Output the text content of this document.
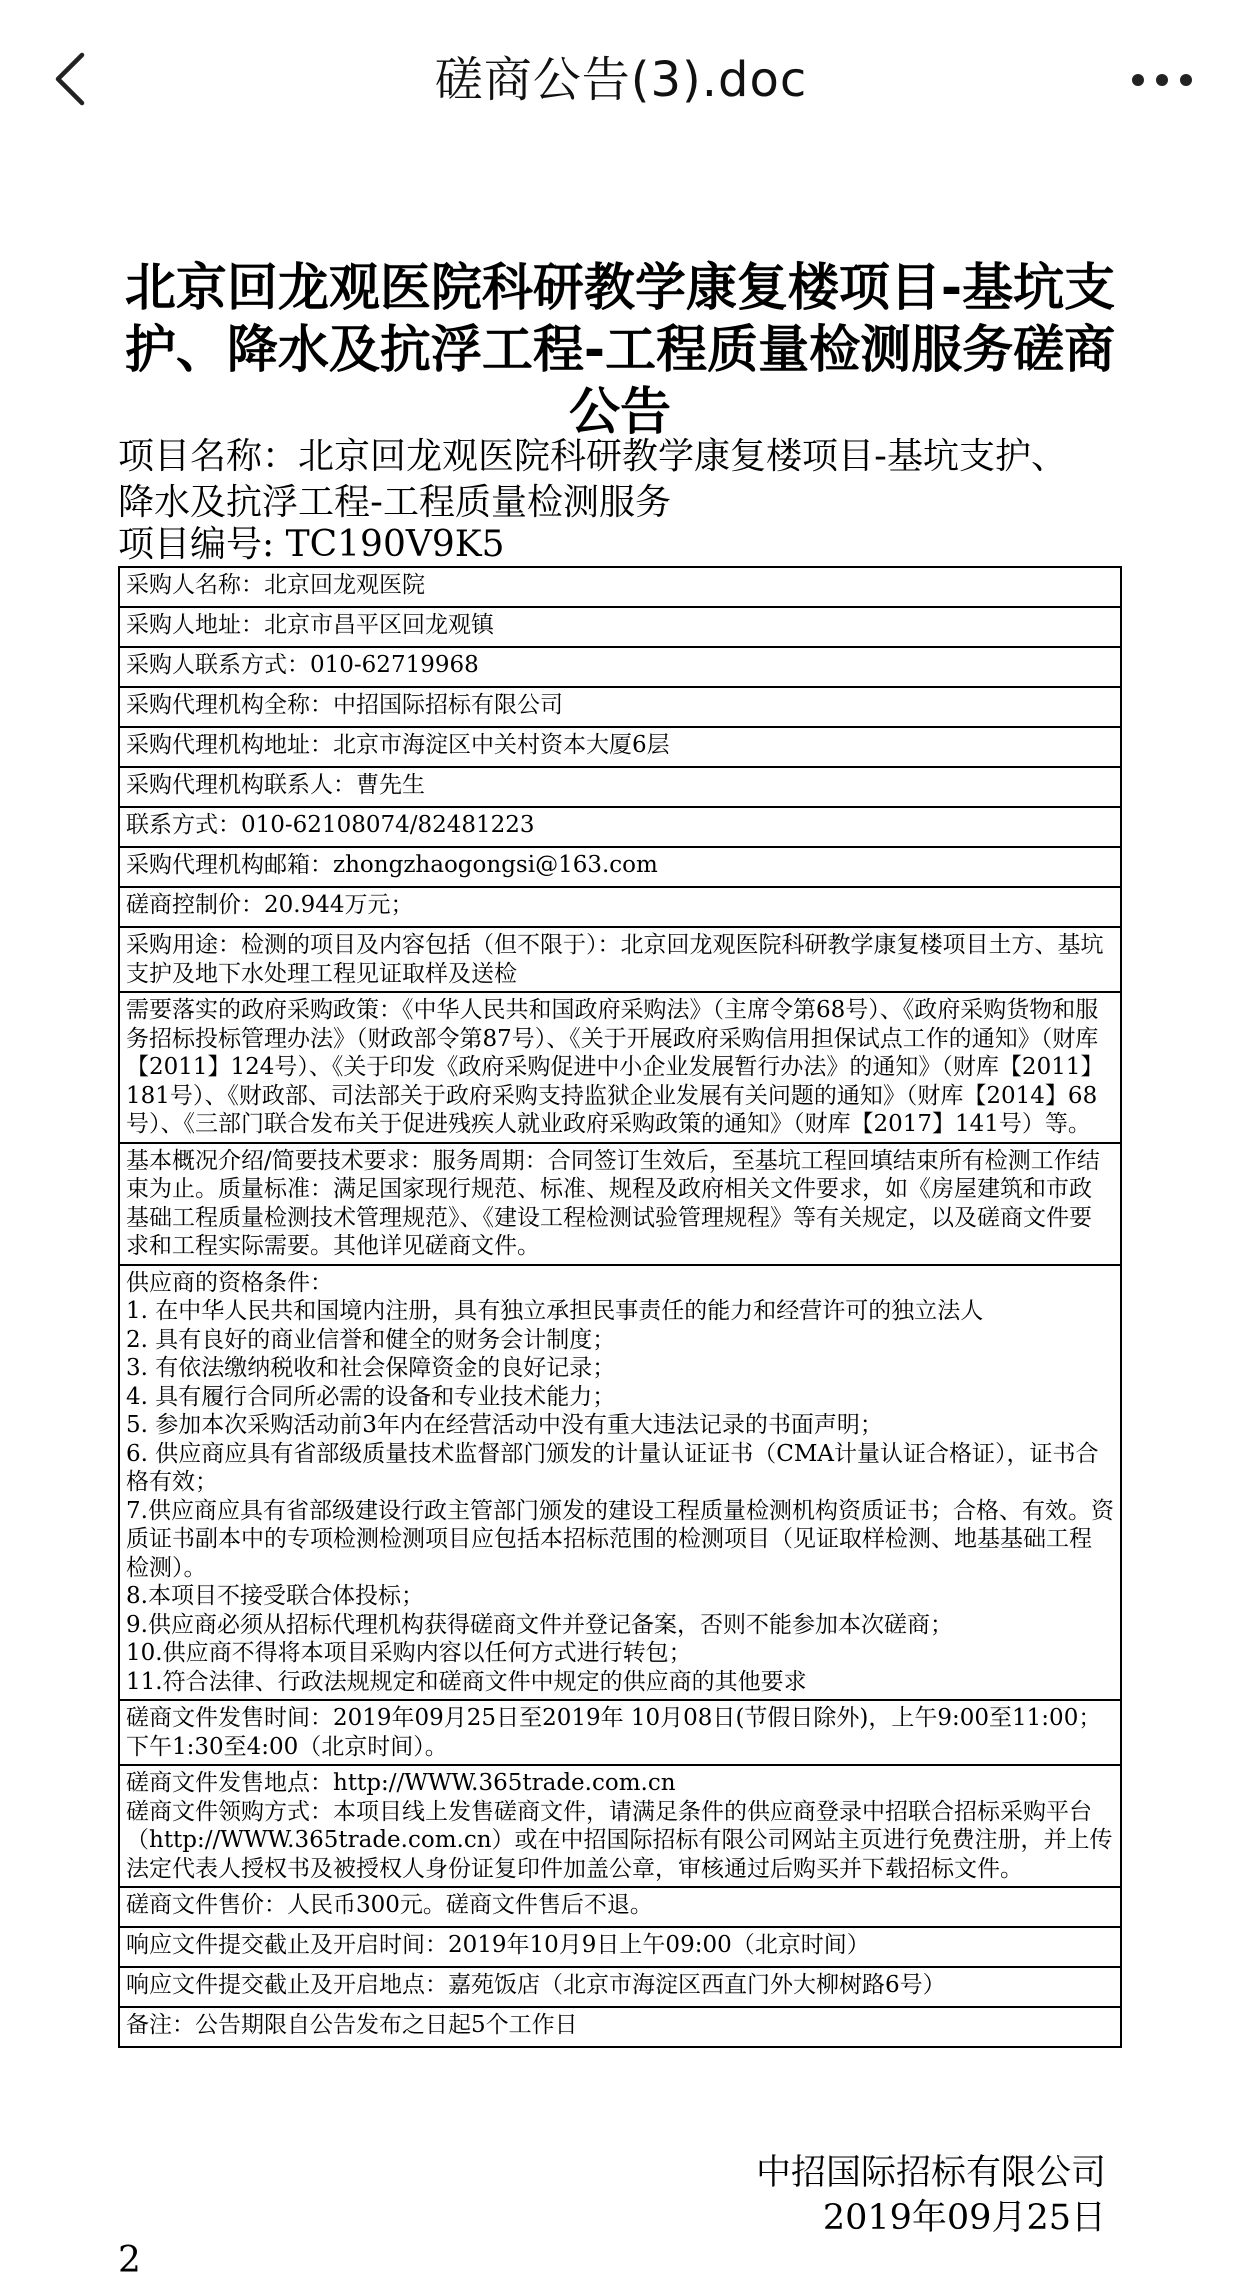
磋商公告(3).doc
北京回龙观医院科研教学康复楼项目-基坑支
护、降水及抗浮工程-工程质量检测服务磋商
公告
项目名称：北京回龙观医院科研教学康复楼项目-基坑支护、
降水及抗浮工程-工程质量检测服务
项目编号: TC190V9K5
采购人名称：北京回龙观医院
采购人地址：北京市昌平区回龙观镇
采购人联系方式：010-62719968
采购代理机构全称：中招国际招标有限公司
采购代理机构地址：北京市海淀区中关村资本大厦6层
采购代理机构联系人：曹先生
联系方式：010-62108074/82481223
采购代理机构邮箱：zhongzhaogongsi@163.com
磋商控制价：20.944万元；
采购用途：检测的项目及内容包括（但不限于）：北京回龙观医院科研教学康复楼项目土方、基坑支护及地下水处理工程见证取样及送检
需要落实的政府采购政策：《中华人民共和国政府采购法》（主席令第68号）、《政府采购货物和服务招标投标管理办法》（财政部令第87号）、《关于开展政府采购信用担保试点工作的通知》（财库【2011】124号）、《关于印发《政府采购促进中小企业发展暂行办法》的通知》（财库【2011】181号）、《财政部、司法部关于政府采购支持监狱企业发展有关问题的通知》（财库【2014】68号）、《三部门联合发布关于促进残疾人就业政府采购政策的通知》（财库【2017】141号）等。
基本概况介绍/简要技术要求：服务周期：合同签订生效后，至基坑工程回填结束所有检测工作结束为止。质量标准：满足国家现行规范、标准、规程及政府相关文件要求，如《房屋建筑和市政基础工程质量检测技术管理规范》、《建设工程检测试验管理规程》等有关规定，以及磋商文件要求和工程实际需要。其他详见磋商文件。

供应商的资格条件：
1. 在中华人民共和国境内注册，具有独立承担民事责任的能力和经营许可的独立法人
2. 具有良好的商业信誉和健全的财务会计制度；
3. 有依法缴纳税收和社会保障资金的良好记录；
4. 具有履行合同所必需的设备和专业技术能力；
5. 参加本次采购活动前3年内在经营活动中没有重大违法记录的书面声明；
6. 供应商应具有省部级质量技术监督部门颁发的计量认证证书（CMA计量认证合格证），证书合格有效；
7.供应商应具有省部级建设行政主管部门颁发的建设工程质量检测机构资质证书；合格、有效。资质证书副本中的专项检测检测项目应包括本招标范围的检测项目（见证取样检测、地基基础工程检测）。
8.本项目不接受联合体投标；
9.供应商必须从招标代理机构获得磋商文件并登记备案，否则不能参加本次磋商；
10.供应商不得将本项目采购内容以任何方式进行转包；
11.符合法律、行政法规规定和磋商文件中规定的供应商的其他要求

磋商文件发售时间：2019年09月25日至2019年 10月08日(节假日除外)，上午9:00至11:00；下午1:30至4:00（北京时间）。

磋商文件发售地点：http://WWW.365trade.com.cn
磋商文件领购方式：本项目线上发售磋商文件，请满足条件的供应商登录中招联合招标采购平台（http://WWW.365trade.com.cn）或在中招国际招标有限公司网站主页进行免费注册，并上传法定代表人授权书及被授权人身份证复印件加盖公章，审核通过后购买并下载招标文件。

磋商文件售价：人民币300元。磋商文件售后不退。
响应文件提交截止及开启时间：2019年10月9日上午09:00（北京时间）
响应文件提交截止及开启地点：嘉苑饭店（北京市海淀区西直门外大柳树路6号）
备注：公告期限自公告发布之日起5个工作日
中招国际招标有限公司
2019年09月25日
2
